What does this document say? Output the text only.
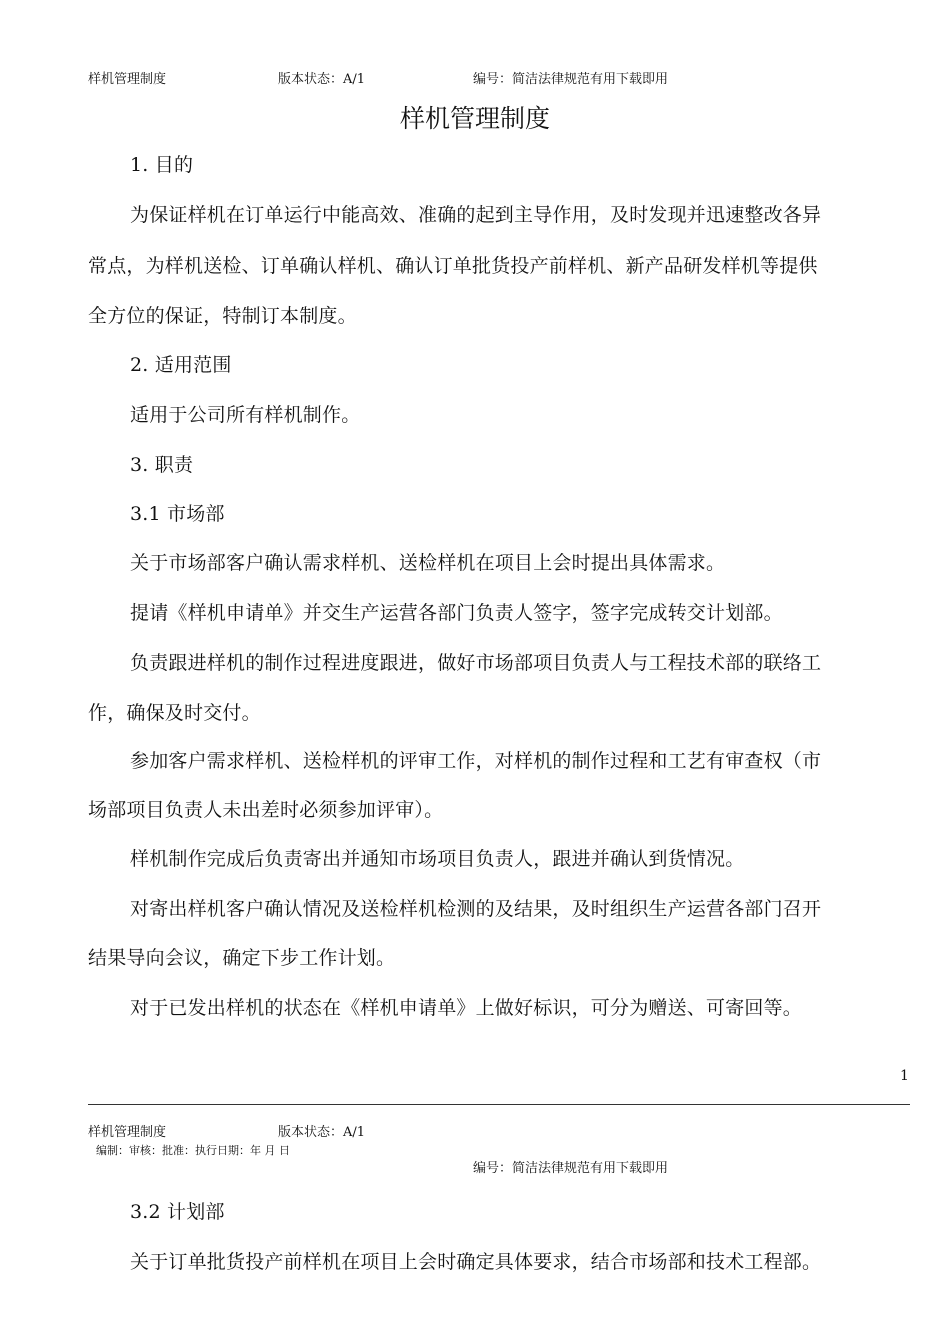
样机管理制度	版本状态：A/1	编号：简洁法律规范有用下载即用
样机管理制度
1. 目的
为保证样机在订单运行中能高效、准确的起到主导作用，及时发现并迅速整改各异
常点，为样机送检、订单确认样机、确认订单批货投产前样机、新产品研发样机等提供
全方位的保证，特制订本制度。
2. 适用范围
适用于公司所有样机制作。
3. 职责
3.1 市场部
关于市场部客户确认需求样机、送检样机在项目上会时提出具体需求。
提请《样机申请单》并交生产运营各部门负责人签字，签字完成转交计划部。
负责跟进样机的制作过程进度跟进，做好市场部项目负责人与工程技术部的联络工
作，确保及时交付。
参加客户需求样机、送检样机的评审工作，对样机的制作过程和工艺有审查权（市
场部项目负责人未出差时必须参加评审）。
样机制作完成后负责寄出并通知市场项目负责人，跟进并确认到货情况。
对寄出样机客户确认情况及送检样机检测的及结果，及时组织生产运营各部门召开
结果导向会议，确定下步工作计划。
对于已发出样机的状态在《样机申请单》上做好标识，可分为赠送、可寄回等。
1
样机管理制度	版本状态：A/1
编制：审核：批准：执行日期：年 月 日
编号：简洁法律规范有用下载即用
3.2 计划部
关于订单批货投产前样机在项目上会时确定具体要求，结合市场部和技术工程部。
